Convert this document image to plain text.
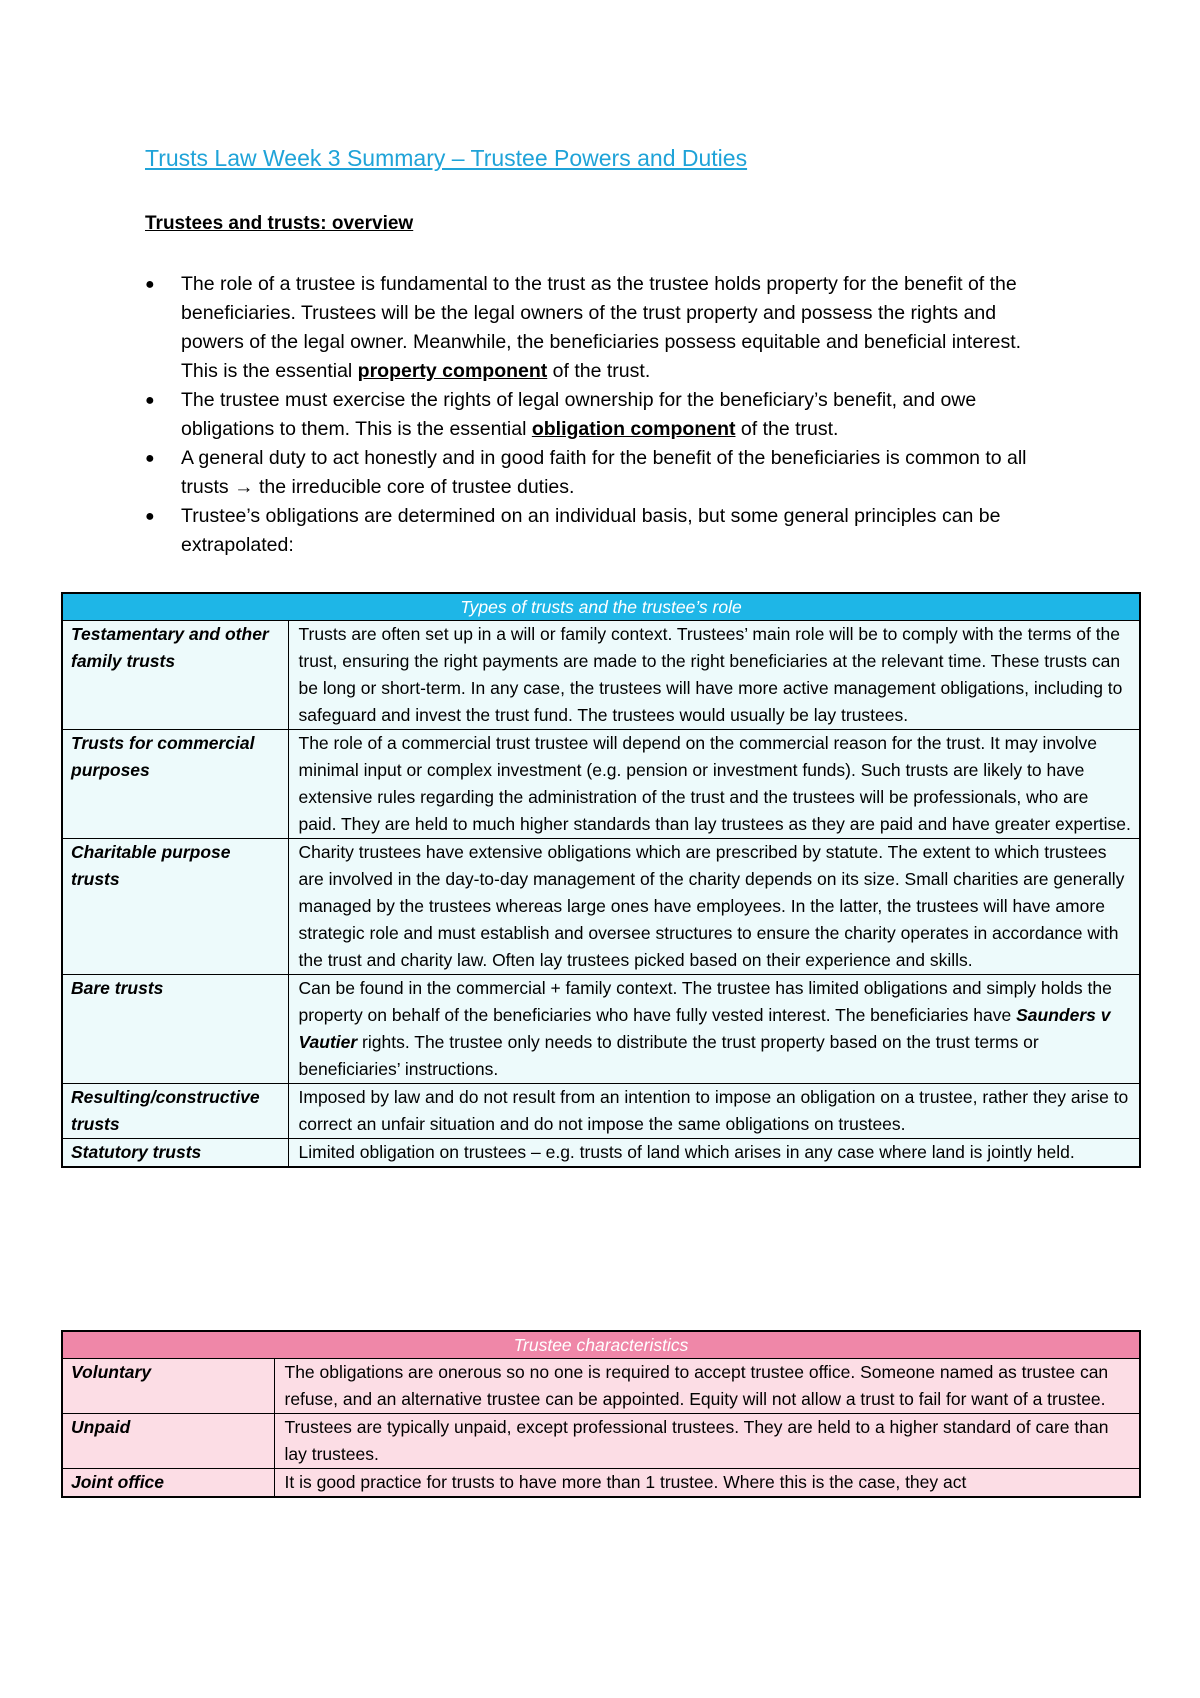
Trusts Law Week 3 Summary – Trustee Powers and Duties
Trustees and trusts: overview
● The role of a trustee is fundamental to the trust as the trustee holds property for the benefit of the beneficiaries. Trustees will be the legal owners of the trust property and possess the rights and powers of the legal owner. Meanwhile, the beneficiaries possess equitable and beneficial interest. This is the essential property component of the trust.
● The trustee must exercise the rights of legal ownership for the beneficiary’s benefit, and owe obligations to them. This is the essential obligation component of the trust.
● A general duty to act honestly and in good faith for the benefit of the beneficiaries is common to all trusts → the irreducible core of trustee duties.
● Trustee’s obligations are determined on an individual basis, but some general principles can be extrapolated:
Types of trusts and the trustee’s role	
Testamentary and other family trusts	Trusts are often set up in a will or family context. Trustees’ main role will be to comply with the terms of the trust, ensuring the right payments are made to the right beneficiaries at the relevant time. These trusts can be long or short-term. In any case, the trustees will have more active management obligations, including to safeguard and invest the trust fund. The trustees would usually be lay trustees.
Trusts for commercial purposes	The role of a commercial trust trustee will depend on the commercial reason for the trust. It may involve minimal input or complex investment (e.g. pension or investment funds). Such trusts are likely to have extensive rules regarding the administration of the trust and the trustees will be professionals, who are paid. They are held to much higher standards than lay trustees as they are paid and have greater expertise.
Charitable purpose trusts	Charity trustees have extensive obligations which are prescribed by statute. The extent to which trustees are involved in the day-to-day management of the charity depends on its size. Small charities are generally managed by the trustees whereas large ones have employees. In the latter, the trustees will have amore strategic role and must establish and oversee structures to ensure the charity operates in accordance with the trust and charity law. Often lay trustees picked based on their experience and skills.
Bare trusts	Can be found in the commercial + family context. The trustee has limited obligations and simply holds the property on behalf of the beneficiaries who have fully vested interest. The beneficiaries have Saunders v Vautier rights. The trustee only needs to distribute the trust property based on the trust terms or beneficiaries’ instructions.
Resulting/constructive trusts	Imposed by law and do not result from an intention to impose an obligation on a trustee, rather they arise to correct an unfair situation and do not impose the same obligations on trustees.
Statutory trusts	Limited obligation on trustees – e.g. trusts of land which arises in any case where land is jointly held.
Trustee characteristics	
Voluntary	The obligations are onerous so no one is required to accept trustee office. Someone named as trustee can refuse, and an alternative trustee can be appointed. Equity will not allow a trust to fail for want of a trustee.
Unpaid	Trustees are typically unpaid, except professional trustees. They are held to a higher standard of care than lay trustees.
Joint office	It is good practice for trusts to have more than 1 trustee. Where this is the case, they act
